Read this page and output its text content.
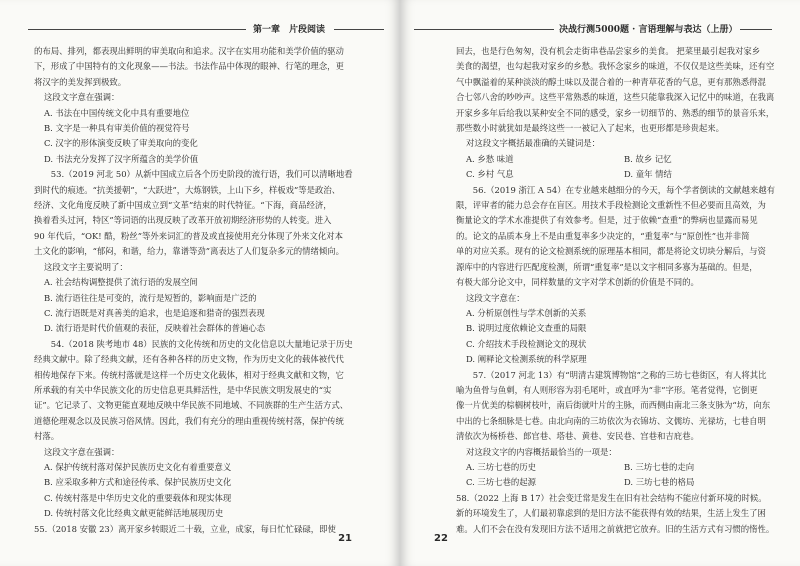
第一章 片段阅读

的布局、排列，都表现出鲜明的审美取向和追求。汉字在实用功能和美学价值的驱动

下，形成了中国特有的文化现象——书法。书法作品中体现的眼神、行笔的理念，更

将汉字的美发挥到极致。

这段文字意在强调：

A. 书法在中国传统文化中具有重要地位

B. 文字是一种具有审美价值的视觉符号

C. 汉字的形体演变反映了审美取向的变化

D. 书法充分发挥了汉字所蕴含的美学价值

53.（2019 河北 50）从新中国成立后各个历史阶段的流行语，我们可以清晰地看

到时代的痕迹。“抗美援朝”，“大跃进”，大炼钢铁，上山下乡，样板戏”等是政治、

经济、文化角度反映了新中国成立到“文革”结束的时代特征。“下海，商品经济，

换着看头过河，特区”等词语的出现反映了改革开放初期经济形势的人转变。进入

90 年代后，“OK! 酷，粉丝”等外来词汇的普及或直接使用充分体现了外来文化对本

土文化的影响，“郁闷，和谐，给力，靠谱等劲”离表达了人们复杂多元的情绪倾向。

这段文字主要说明了：

A. 社会结构调整提供了流行语的发展空间

B. 流行语往往是可变的，流行是短暂的，影响面是广泛的

C. 流行语既是对真善美的追求，也是追逐和猎奇的强烈表现

D. 流行语是时代价值观的表征，反映着社会群体的普遍心态

54.（2018 陕考地市 48）民族的文化传统和历史的文化信息以大量地记录于历史

经典文献中。除了经典文献，还有各种各样的历史文物，作为历史文化的载体被代代

相传地保存下来。传统村落就是这样一个历史文化载体，相对于经典文献和文物，它

所承载的有关中华民族文化的历史信息更具鲜活性，是中华民族文明发展史的“实

证”。它记录了、文物更能直观地反映中华民族不同地域、不同族群的生产生活方式、

道德伦理观念以及民族习俗风情。因此，我们有充分的理由重视传统村落，保护传统

村落。

这段文字意在强调：

A. 保护传统村落对保护民族历史文化有着重要意义

B. 应采取多种方式和途径传承、保护民族历史文化

C. 传统村落是中华历史文化的重要载体和现实体现

D. 传统村落文化比经典文献更能鲜活地展现历史

55.（2018 安徽 23）离开家乡转眼近二十载，立业，成家，每日忙忙碌碌，即使

21
决战行测5000题 · 言语理解与表达（上册）

回去，也是行色匆匆，没有机会走街串巷品尝家乡的美食。 把菜里最引起我对家乡

美食的渴望，也勾起我对家乡的乡愁。我怀念家乡的味道，不仅仅是这些美味，还有空

气中飘溢着的某种淡淡的醇土味以及混合着的一种青草花香的气息，更有那熟悉得混

合七邻八舍的吵吵声。这些平常熟悉的味道，这些只能靠我深入记忆中的味道，在我离

开家乡多年后给我以某种安全不同的感受，家乡一切细节的、熟悉的细节的景音乐来，

那些数小时就犹如是最终这些一一被记入了起来，也更形都是珍贵起来。

对这段文字概括最准确的关键词是：

A. 乡愁 味道	B. 故乡 记忆
C. 乡村 气息	D. 童年 情结

56.（2019 浙江 A 54）在专业越来越细分的今天，每个学者倒读的文献越来越有

限，评审者的能力总会存在盲区。用技术手段检测论文重新性不但必要而且高效，为

衡量论文的学术水准提供了有效参考。但是，过于依赖“查重”的弊病也显露而易见

的。论文的品质本身上不是由重复率多少决定的，“重复率”与“原创性”也并非简

单的对应关系。现有的论文检测系统的原理基本相同，都是将论文切块分解后，与资

源库中的内容进行匹配度检测，所谓“重复率”是以文字相同多寡为基础的。但是，

有极大部分论文中，同样数量的文字对学术创新的价值是不同的。

这段文字意在：

A. 分析原创性与学术创新的关系

B. 说明过度依赖论文查重的局限

C. 介绍技术手段检测论文的现状

D. 阐释论文检测系统的科学原理

57.（2017 河北 13）有“明清古建筑博物馆”之称的三坊七巷街区，有人将其比

喻为鱼骨与鱼刺，有人则形容为羽毛尾叶，或直呼为“非”字形。笔者觉得，它倒更

像一片优美的棕榈树枝叶，南后街就叶片的主脉，而西侧由南北三条支脉为“坊，向东

中出的七条细脉是七巷。由北向南的三坊依次为衣锦坊、文儒坊、光禄坊，七巷自明

清依次为杨桥巷、郎官巷、塔巷、黄巷、安民巷、宫巷和吉庇巷。

对这段文字的内容概括最恰当的一项是：

A. 三坊七巷的历史	B. 三坊七巷的走向
C. 三坊七巷的起源	D. 三坊七巷的格局

58.（2022 上海 B 17）社会变迁常是发生在旧有社会结构不能应付新环境的时候。

新的环境发生了，人们最初靠虑到的是旧方法不能获得有效的结果，生活上发生了困

难。人们不会在没有发现旧方法不适用之前就把它放弃。旧的生活方式有习惯的惰性。

22
